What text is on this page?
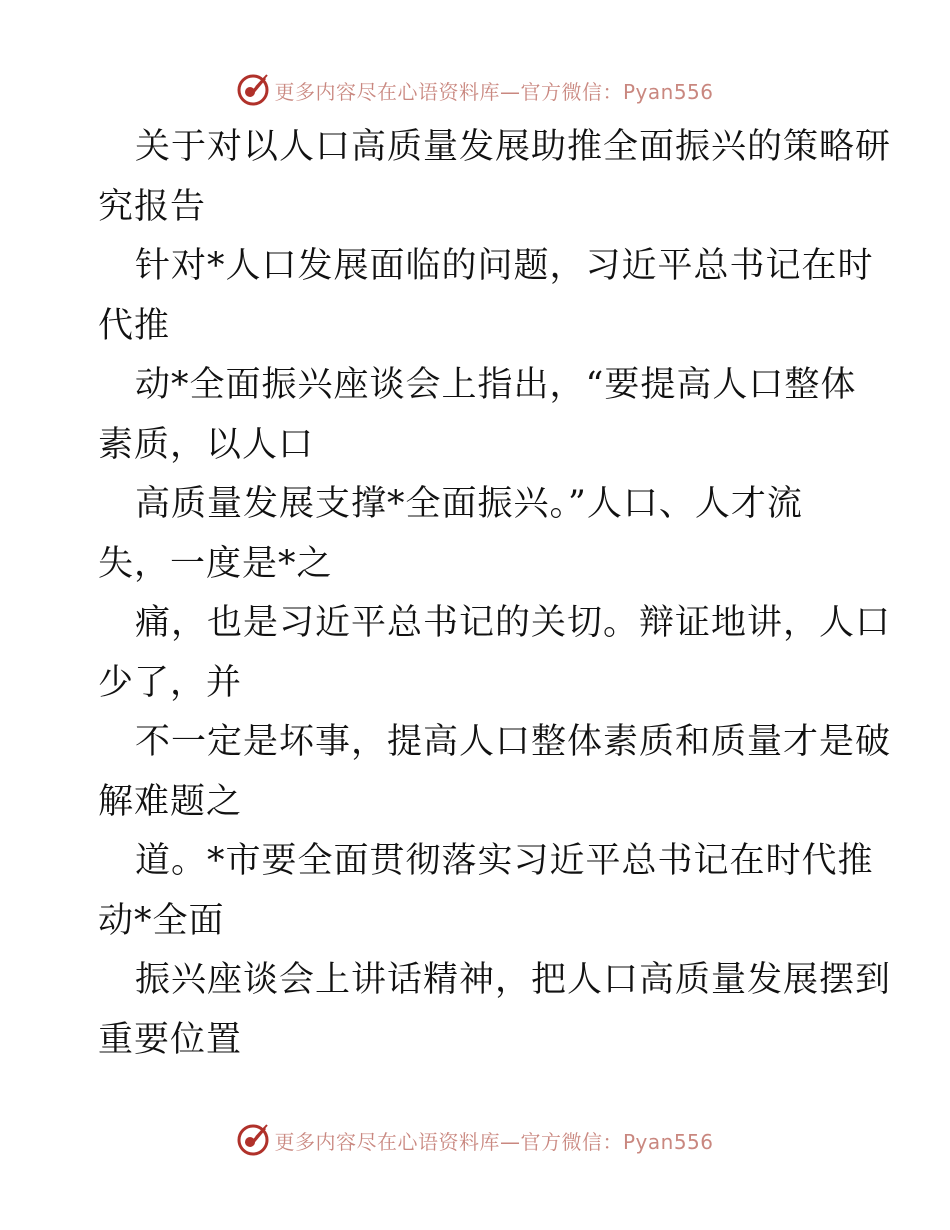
更多内容尽在心语资料库—官方微信：Pyan556
关于对以人口高质量发展助推全面振兴的策略研
究报告
针对*人口发展面临的问题，习近平总书记在时
代推
动*全面振兴座谈会上指出，“要提高人口整体
素质，以人口
高质量发展支撑*全面振兴。”人口、人才流
失，一度是*之
痛，也是习近平总书记的关切。辩证地讲，人口
少了，并
不一定是坏事，提高人口整体素质和质量才是破
解难题之
道。*市要全面贯彻落实习近平总书记在时代推
动*全面
振兴座谈会上讲话精神，把人口高质量发展摆到
重要位置
更多内容尽在心语资料库—官方微信：Pyan556
